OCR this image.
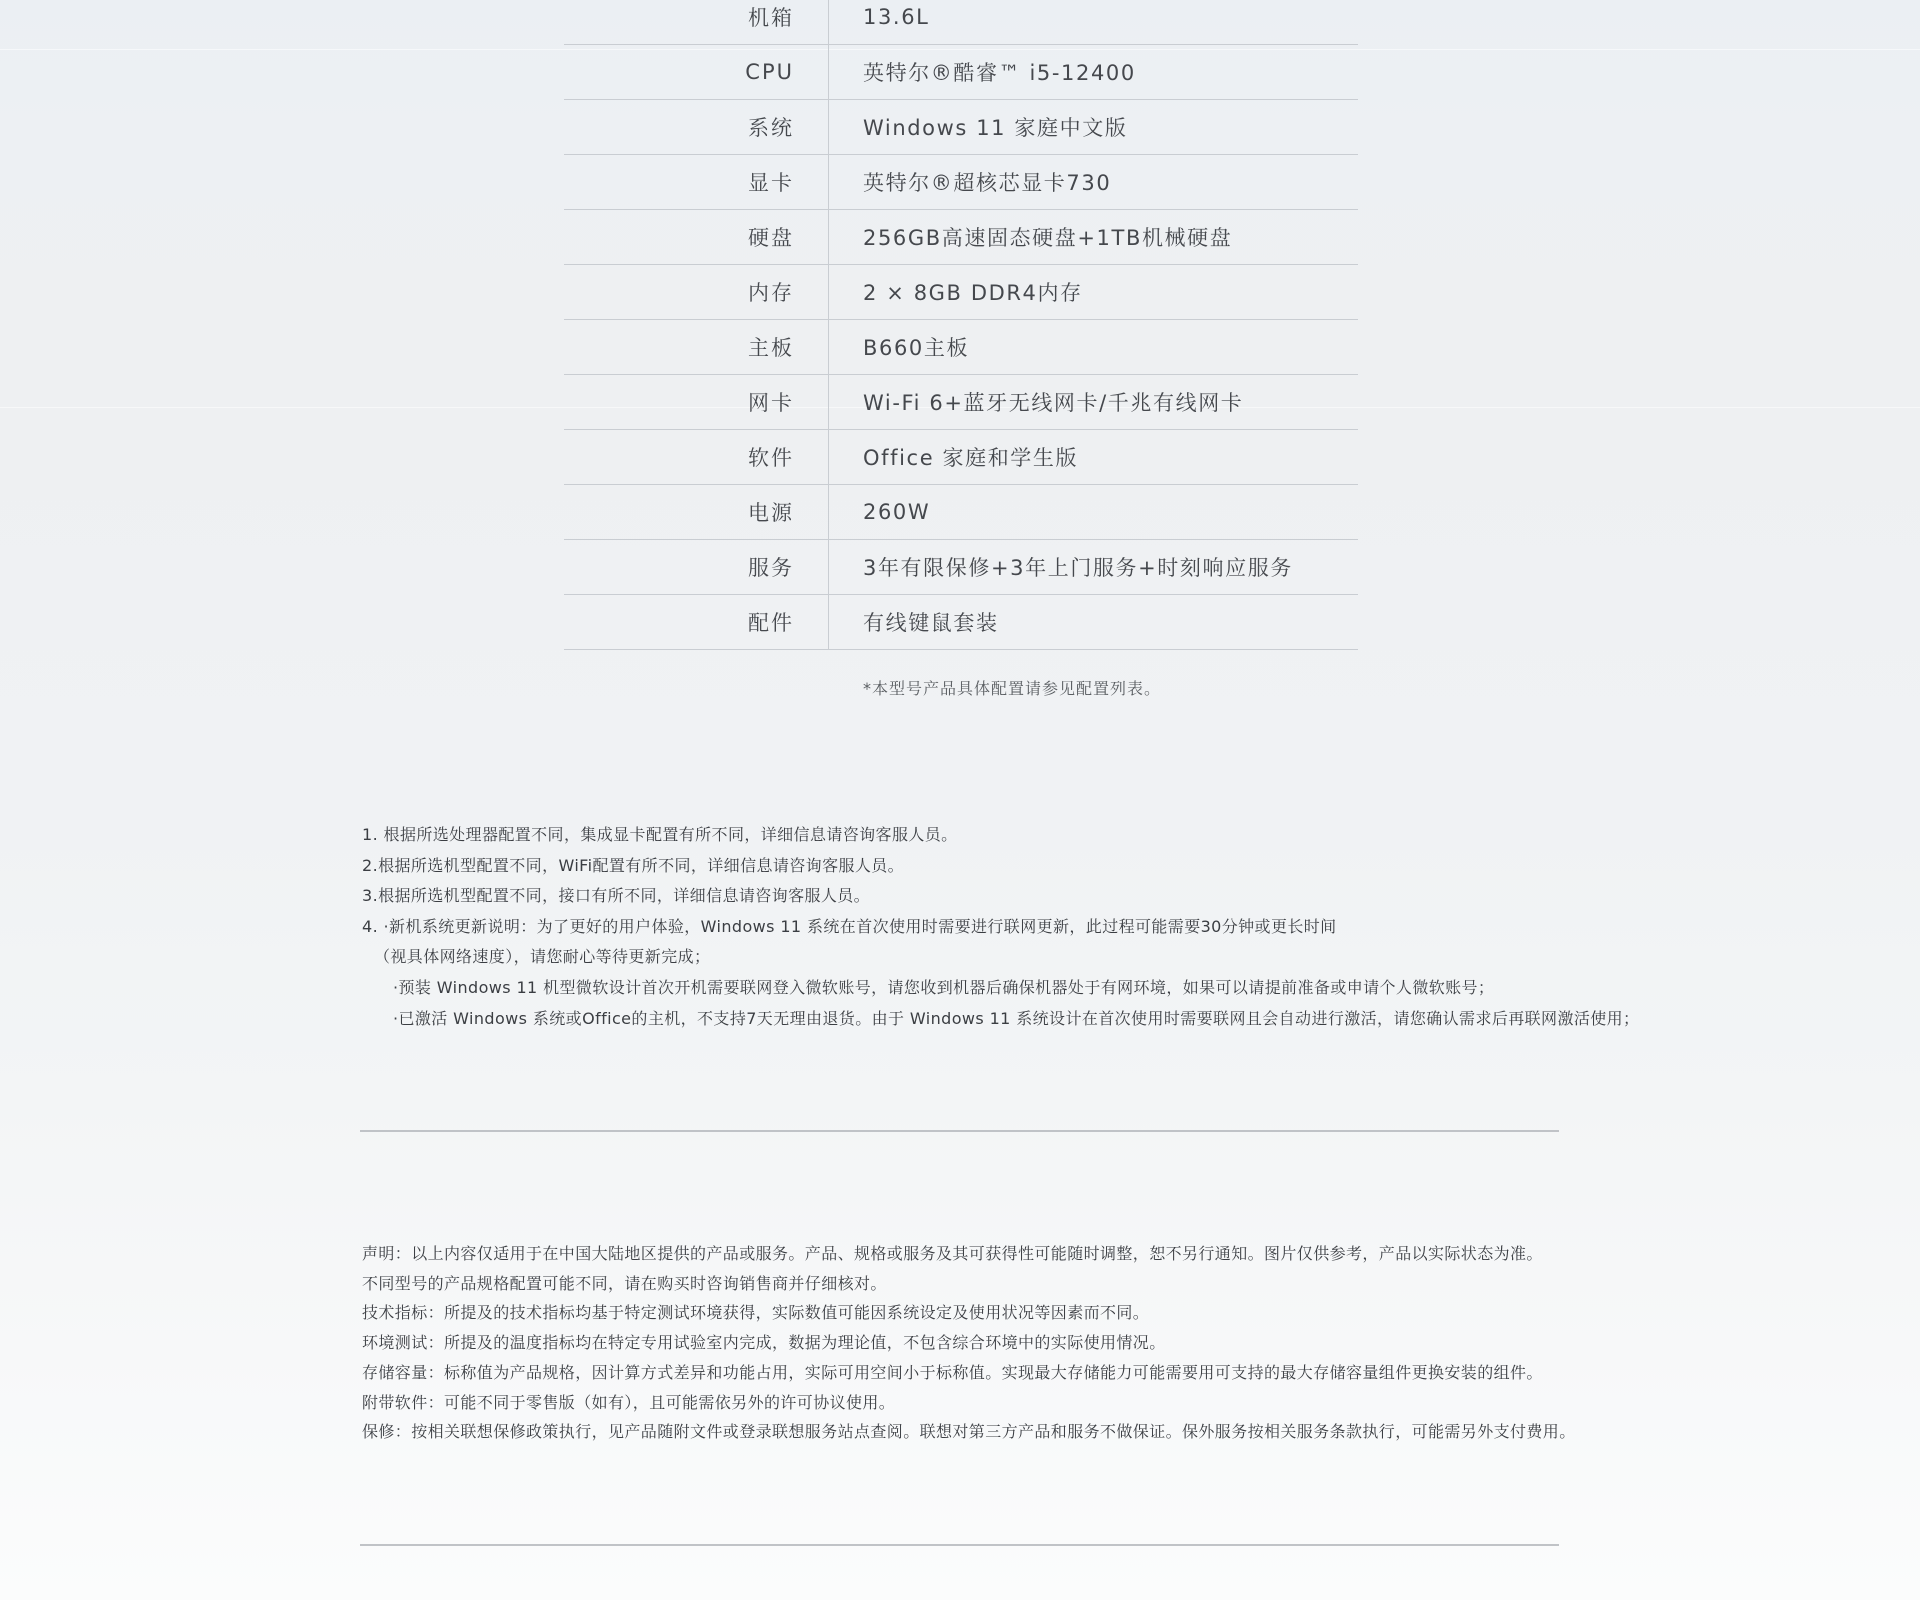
机箱	13.6L
CPU	英特尔®酷睿™ i5-12400
系统	Windows 11 家庭中文版
显卡	英特尔®超核芯显卡730
硬盘	256GB高速固态硬盘+1TB机械硬盘
内存	2 × 8GB DDR4内存
主板	B660主板
网卡	Wi-Fi 6+蓝牙无线网卡/千兆有线网卡
软件	Office 家庭和学生版
电源	260W
服务	3年有限保修+3年上门服务+时刻响应服务
配件	有线键鼠套装
*本型号产品具体配置请参见配置列表。
1. 根据所选处理器配置不同，集成显卡配置有所不同，详细信息请咨询客服人员。
2.根据所选机型配置不同，WiFi配置有所不同，详细信息请咨询客服人员。
3.根据所选机型配置不同，接口有所不同，详细信息请咨询客服人员。
4. ·新机系统更新说明：为了更好的用户体验，Windows 11 系统在首次使用时需要进行联网更新，此过程可能需要30分钟或更长时间
（视具体网络速度），请您耐心等待更新完成；
·预装 Windows 11 机型微软设计首次开机需要联网登入微软账号，请您收到机器后确保机器处于有网环境，如果可以请提前准备或申请个人微软账号；
·已激活 Windows 系统或Office的主机，不支持7天无理由退货。由于 Windows 11 系统设计在首次使用时需要联网且会自动进行激活，请您确认需求后再联网激活使用；
声明：以上内容仅适用于在中国大陆地区提供的产品或服务。产品、规格或服务及其可获得性可能随时调整，恕不另行通知。图片仅供参考，产品以实际状态为准。
不同型号的产品规格配置可能不同，请在购买时咨询销售商并仔细核对。
技术指标：所提及的技术指标均基于特定测试环境获得，实际数值可能因系统设定及使用状况等因素而不同。
环境测试：所提及的温度指标均在特定专用试验室内完成，数据为理论值，不包含综合环境中的实际使用情况。
存储容量：标称值为产品规格，因计算方式差异和功能占用，实际可用空间小于标称值。实现最大存储能力可能需要用可支持的最大存储容量组件更换安装的组件。
附带软件：可能不同于零售版（如有），且可能需依另外的许可协议使用。
保修：按相关联想保修政策执行，见产品随附文件或登录联想服务站点查阅。联想对第三方产品和服务不做保证。保外服务按相关服务条款执行，可能需另外支付费用。
